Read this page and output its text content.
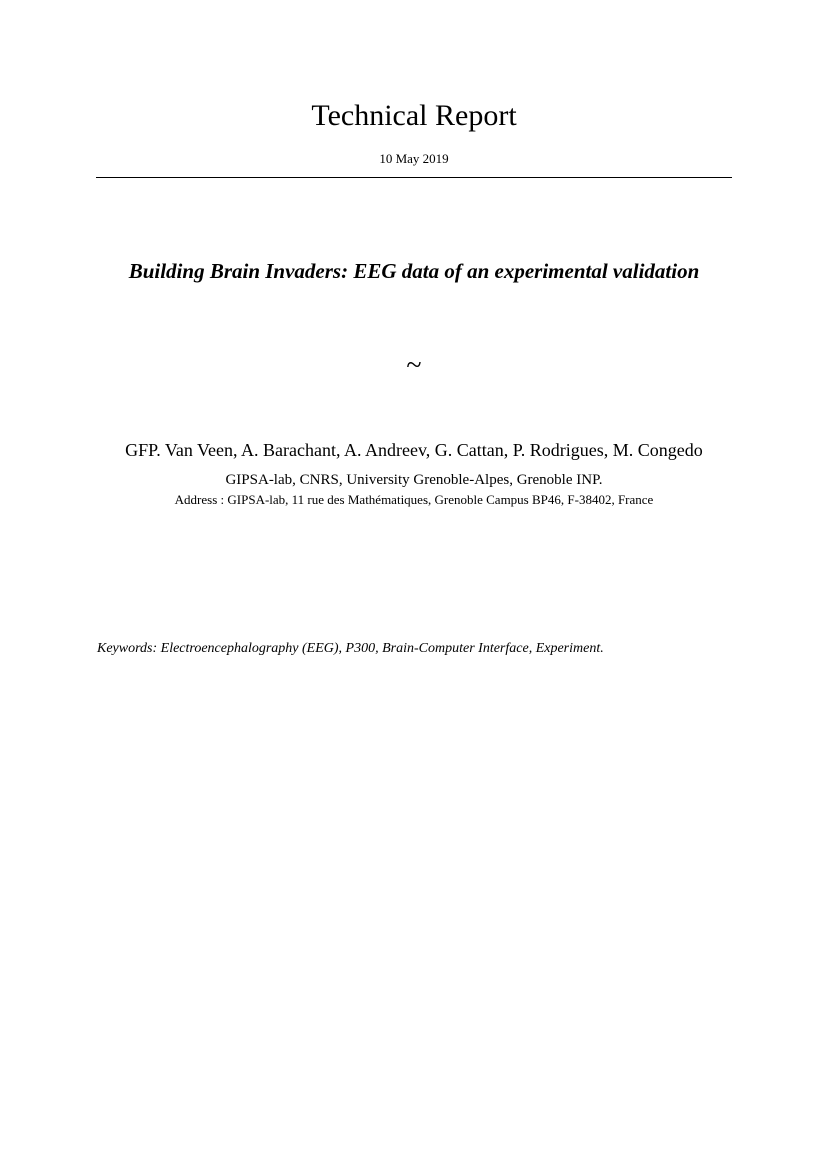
Technical Report
10 May 2019
Building Brain Invaders: EEG data of an experimental validation
~
GFP. Van Veen, A. Barachant, A. Andreev, G. Cattan, P. Rodrigues, M. Congedo
GIPSA-lab, CNRS, University Grenoble-Alpes, Grenoble INP.
Address : GIPSA-lab, 11 rue des Mathématiques, Grenoble Campus BP46, F-38402, France
Keywords: Electroencephalography (EEG), P300, Brain-Computer Interface, Experiment.
